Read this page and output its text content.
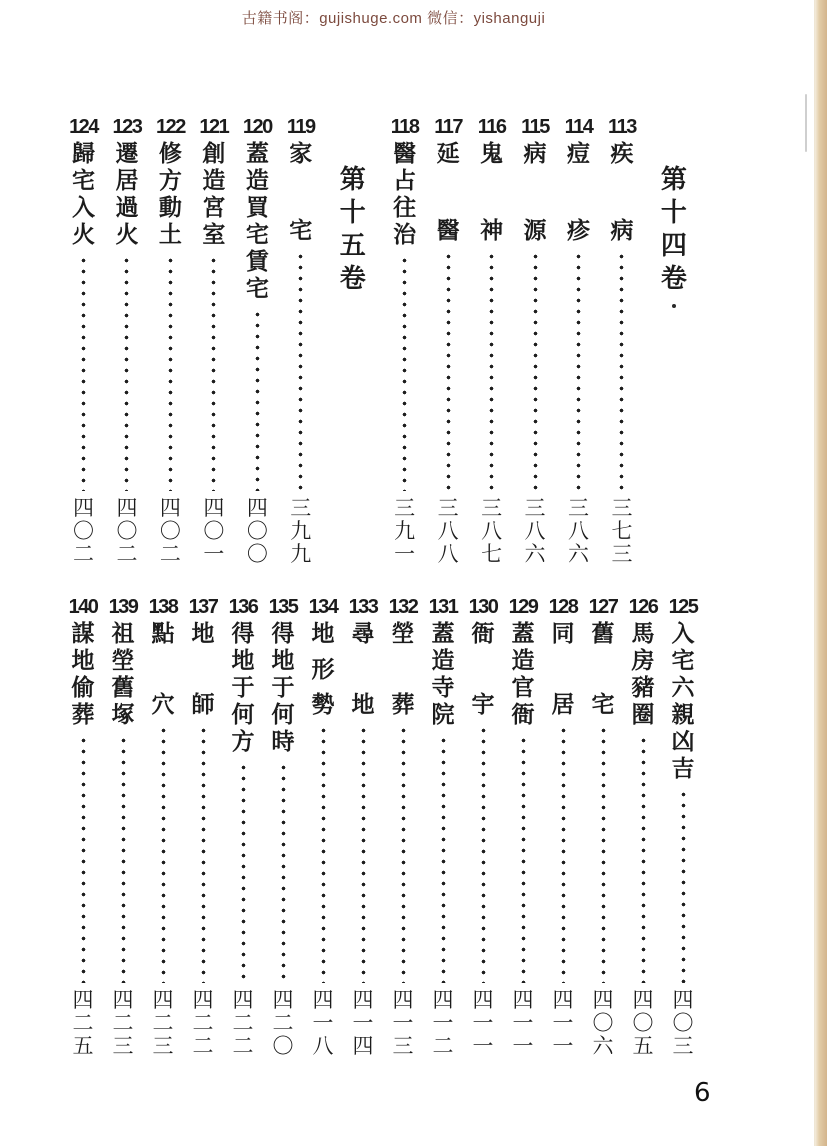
古籍书阁：gujishuge.com 微信：yishanguji
第
十
四
卷
113
疾
病
三
七
三
114
痘
疹
三
八
六
115
病
源
三
八
六
116
鬼
神
三
八
七
117
延
醫
三
八
八
118
醫
占
往
治
三
九
一
第
十
五
卷
119
家
宅
三
九
九
120
蓋
造
買
宅
賃
宅
四
〇
〇
121
創
造
宮
室
四
〇
一
122
修
方
動
土
四
〇
二
123
遷
居
過
火
四
〇
二
124
歸
宅
入
火
四
〇
二
125
入
宅
六
親
凶
吉
四
〇
三
126
馬
房
豬
圈
四
〇
五
127
舊
宅
四
〇
六
128
同
居
四
一
一
129
蓋
造
官
衙
四
一
一
130
衙
宇
四
一
一
131
蓋
造
寺
院
四
一
二
132
塋
葬
四
一
三
133
尋
地
四
一
四
134
地
形
勢
四
一
八
135
得
地
于
何
時
四
二
〇
136
得
地
于
何
方
四
二
二
137
地
師
四
二
二
138
點
穴
四
二
三
139
祖
塋
舊
塚
四
二
三
140
謀
地
偷
葬
四
二
五
6
